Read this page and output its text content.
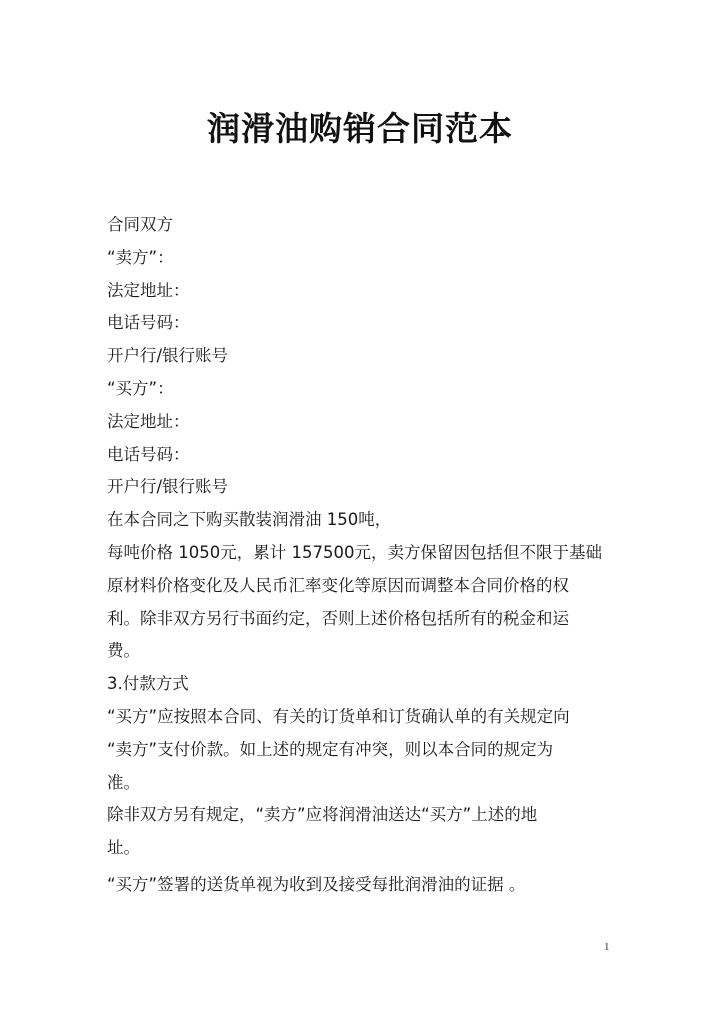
润滑油购销合同范本
合同双方
“卖方”：
法定地址：
电话号码：
开户行/银行账号
“买方”：
法定地址：
电话号码：
开户行/银行账号
在本合同之下购买散装润滑油 150吨，
每吨价格 1050元，累计 157500元，卖方保留因包括但不限于基础
原材料价格变化及人民币汇率变化等原因而调整本合同价格的权
利。除非双方另行书面约定，否则上述价格包括所有的税金和运
费。
3.付款方式
“买方”应按照本合同、有关的订货单和订货确认单的有关规定向
“卖方”支付价款。如上述的规定有冲突，则以本合同的规定为
准。
除非双方另有规定，“卖方”应将润滑油送达“买方”上述的地
址。
“买方”签署的送货单视为收到及接受每批润滑油的证据 。
1
